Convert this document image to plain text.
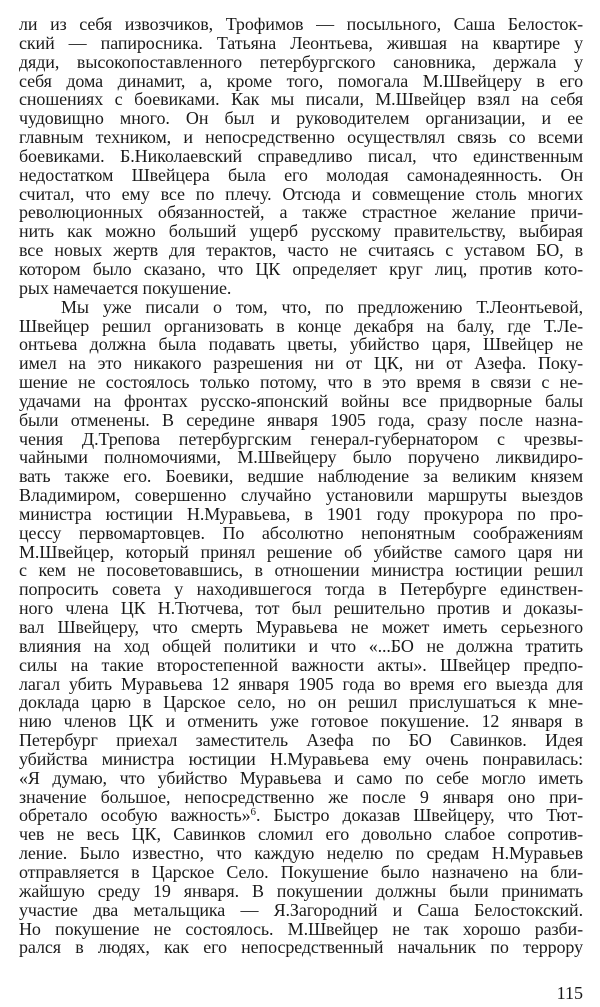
ли из себя извозчиков, Трофимов — посыльного, Саша Белосток-
ский — папиросника. Татьяна Леонтьева, жившая на квартире у
дяди, высокопоставленного петербургского сановника, держала у
себя дома динамит, а, кроме того, помогала М.Швейцеру в его
сношениях с боевиками. Как мы писали, М.Швейцер взял на себя
чудовищно много. Он был и руководителем организации, и ее
главным техником, и непосредственно осуществлял связь со всеми
боевиками. Б.Николаевский справедливо писал, что единственным
недостатком Швейцера была его молодая самонадеянность. Он
считал, что ему все по плечу. Отсюда и совмещение столь многих
революционных обязанностей, а также страстное желание причи-
нить как можно больший ущерб русскому правительству, выбирая
все новых жертв для терактов, часто не считаясь с уставом БО, в
котором было сказано, что ЦК определяет круг лиц, против кото-
рых намечается покушение.
Мы уже писали о том, что, по предложению Т.Леонтьевой,
Швейцер решил организовать в конце декабря на балу, где Т.Ле-
онтьева должна была подавать цветы, убийство царя, Швейцер не
имел на это никакого разрешения ни от ЦК, ни от Азефа. Поку-
шение не состоялось только потому, что в это время в связи с не-
удачами на фронтах русско-японский войны все придворные балы
были отменены. В середине января 1905 года, сразу после назна-
чения Д.Трепова петербургским генерал-губернатором с чрезвы-
чайными полномочиями, М.Швейцеру было поручено ликвидиро-
вать также его. Боевики, ведшие наблюдение за великим князем
Владимиром, совершенно случайно установили маршруты выездов
министра юстиции Н.Муравьева, в 1901 году прокурора по про-
цессу первомартовцев. По абсолютно непонятным соображениям
М.Швейцер, который принял решение об убийстве самого царя ни
с кем не посоветовавшись, в отношении министра юстиции решил
попросить совета у находившегося тогда в Петербурге единствен-
ного члена ЦК Н.Тютчева, тот был решительно против и доказы-
вал Швейцеру, что смерть Муравьева не может иметь серьезного
влияния на ход общей политики и что «...БО не должна тратить
силы на такие второстепенной важности акты». Швейцер предпо-
лагал убить Муравьева 12 января 1905 года во время его выезда для
доклада царю в Царское село, но он решил прислушаться к мне-
нию членов ЦК и отменить уже готовое покушение. 12 января в
Петербург приехал заместитель Азефа по БО Савинков. Идея
убийства министра юстиции Н.Муравьева ему очень понравилась:
«Я думаю, что убийство Муравьева и само по себе могло иметь
значение большое, непосредственно же после 9 января оно при-
обретало особую важность»$^6$. Быстро доказав Швейцеру, что Тют-
чев не весь ЦК, Савинков сломил его довольно слабое сопротив-
ление. Было известно, что каждую неделю по средам Н.Муравьев
отправляется в Царское Село. Покушение было назначено на бли-
жайшую среду 19 января. В покушении должны были принимать
участие два метальщика — Я.Загородний и Саша Белостокский.
Но покушение не состоялось. М.Швейцер не так хорошо разби-
рался в людях, как его непосредственный начальник по террору
115
